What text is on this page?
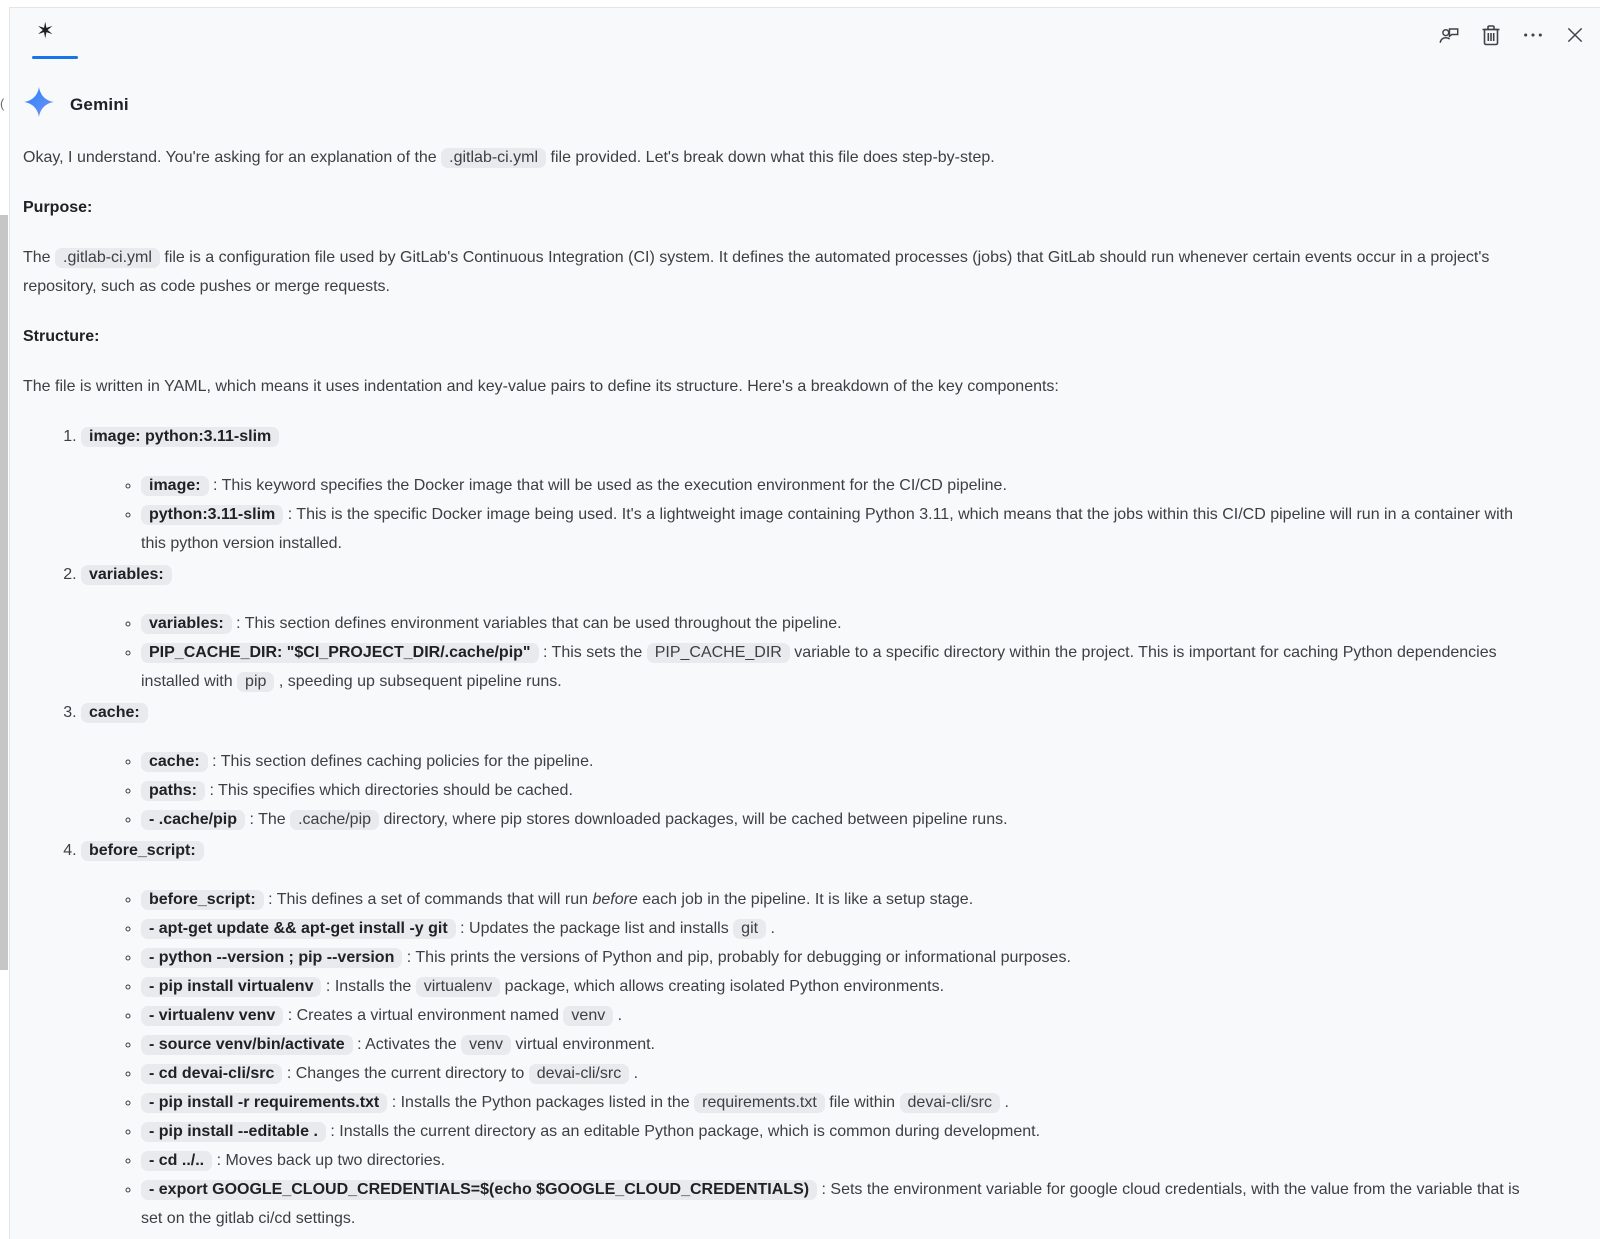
(
✶
Gemini

Okay, I understand. You're asking for an explanation of the .gitlab-ci.yml file provided. Let's break down what this file does step-by-step.

Purpose:

The .gitlab-ci.yml file is a configuration file used by GitLab's Continuous Integration (CI) system. It defines the automated processes (jobs) that GitLab should run whenever certain events occur in a project's repository, such as code pushes or merge requests.

Structure:

The file is written in YAML, which means it uses indentation and key-value pairs to define its structure. Here's a breakdown of the key components:

1. image: python:3.11-slim
◦ image: : This keyword specifies the Docker image that will be used as the execution environment for the CI/CD pipeline.
◦ python:3.11-slim : This is the specific Docker image being used. It's a lightweight image containing Python 3.11, which means that the jobs within this CI/CD pipeline will run in a container with this python version installed.
2. variables:
◦ variables: : This section defines environment variables that can be used throughout the pipeline.
◦ PIP_CACHE_DIR: "$CI_PROJECT_DIR/.cache/pip" : This sets the PIP_CACHE_DIR variable to a specific directory within the project. This is important for caching Python dependencies installed with pip , speeding up subsequent pipeline runs.
3. cache:
◦ cache: : This section defines caching policies for the pipeline.
◦ paths: : This specifies which directories should be cached.
◦ - .cache/pip : The .cache/pip directory, where pip stores downloaded packages, will be cached between pipeline runs.
4. before_script:
◦ before_script: : This defines a set of commands that will run before each job in the pipeline. It is like a setup stage.
◦ - apt-get update && apt-get install -y git : Updates the package list and installs git .
◦ - python --version ; pip --version : This prints the versions of Python and pip, probably for debugging or informational purposes.
◦ - pip install virtualenv : Installs the virtualenv package, which allows creating isolated Python environments.
◦ - virtualenv venv : Creates a virtual environment named venv .
◦ - source venv/bin/activate : Activates the venv virtual environment.
◦ - cd devai-cli/src : Changes the current directory to devai-cli/src .
◦ - pip install -r requirements.txt : Installs the Python packages listed in the requirements.txt file within devai-cli/src .
◦ - pip install --editable . : Installs the current directory as an editable Python package, which is common during development.
◦ - cd ../.. : Moves back up two directories.
◦ - export GOOGLE_CLOUD_CREDENTIALS=$(echo $GOOGLE_CLOUD_CREDENTIALS) : Sets the environment variable for google cloud credentials, with the value from the variable that is set on the gitlab ci/cd settings.
